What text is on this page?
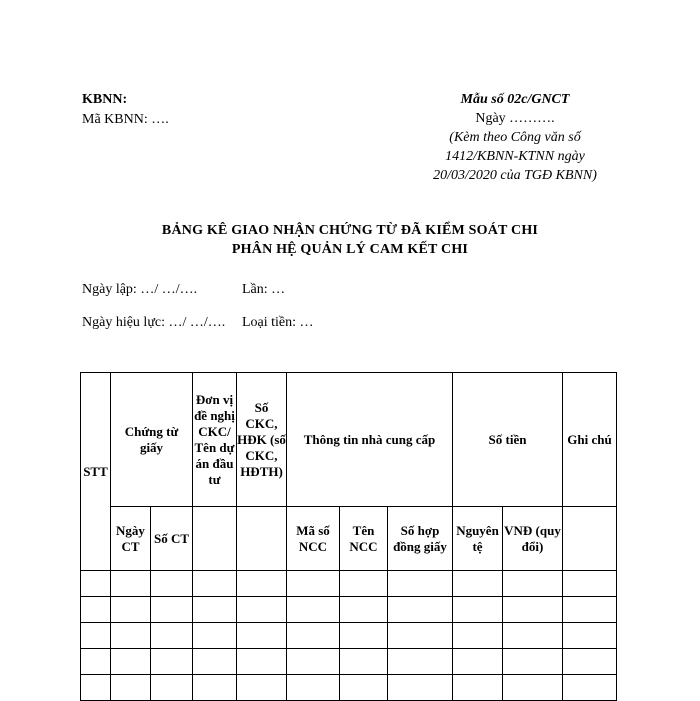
KBNN:
Mã KBNN: ….
Mẫu số 02c/GNCT
Ngày ……….
(Kèm theo Công văn số
1412/KBNN-KTNN ngày
20/03/2020 của TGĐ KBNN)
BẢNG KÊ GIAO NHẬN CHỨNG TỪ ĐÃ KIỂM SOÁT CHI
PHÂN HỆ QUẢN LÝ CAM KẾT CHI
Ngày lập: …/ …/….	Lần: …
Ngày hiệu lực: …/ …/…. Loại tiền: …
STT	Chứng từ giấy		Đơn vị đề nghị CKC/ Tên dự án đầu tư	Số CKC, HĐK (số CKC, HĐTH)	Thông tin nhà cung cấp			Số tiền		Ghi chú
	Ngày CT	Số CT			Mã số NCC	Tên NCC	Số hợp đồng giấy	Nguyên tệ	VNĐ (quy đổi)	
